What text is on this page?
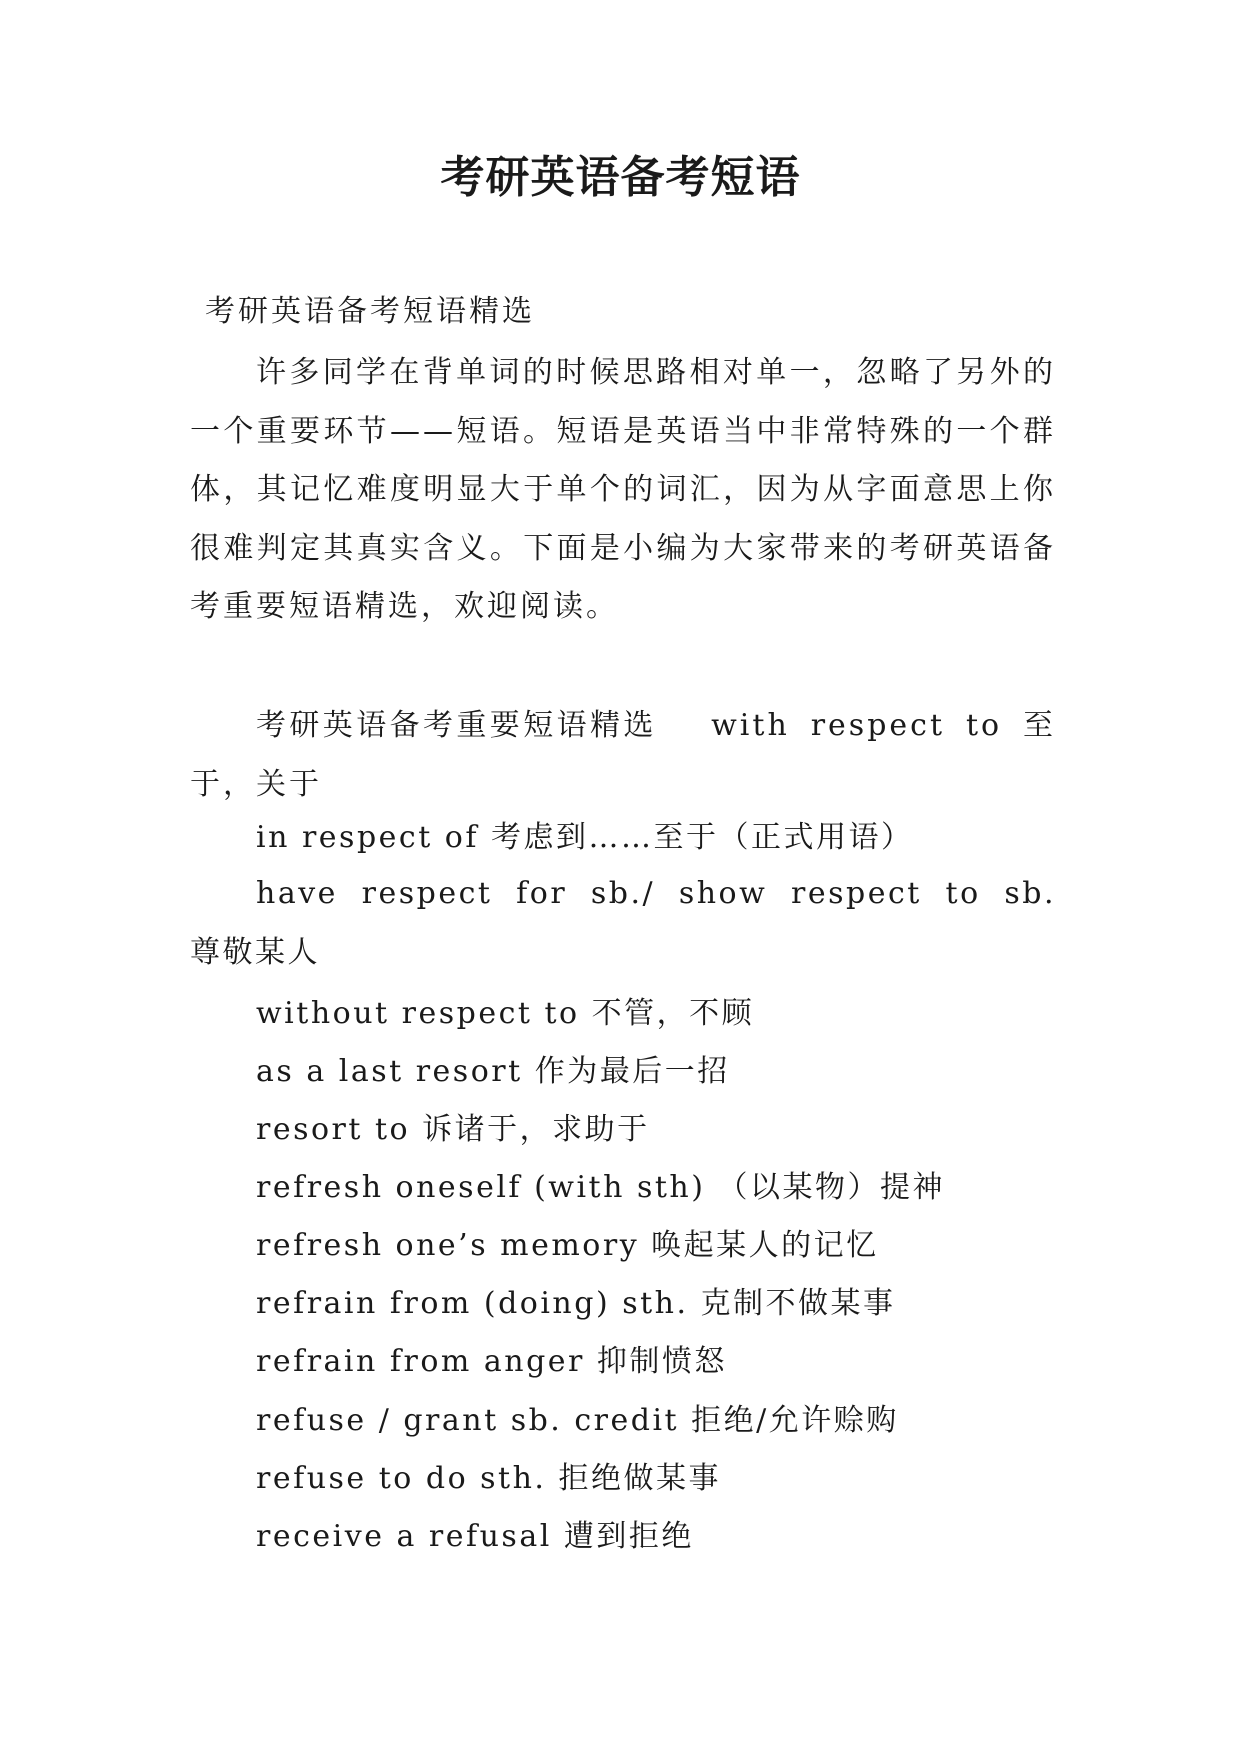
考研英语备考短语
考研英语备考短语精选
许多同学在背单词的时候思路相对单一，忽略了另外的一个重要环节——短语。短语是英语当中非常特殊的一个群体，其记忆难度明显大于单个的词汇，因为从字面意思上你很难判定其真实含义。下面是小编为大家带来的考研英语备考重要短语精选，欢迎阅读。
考研英语备考重要短语精选　 with respect to 至于，关于
in respect of 考虑到……至于（正式用语）
have respect for sb./ show respect to sb. 尊敬某人
without respect to 不管，不顾
as a last resort 作为最后一招
resort to 诉诸于，求助于
refresh oneself (with sth) （以某物）提神
refresh one’s memory 唤起某人的记忆
refrain from (doing) sth. 克制不做某事
refrain from anger 抑制愤怒
refuse / grant sb. credit 拒绝/允许赊购
refuse to do sth. 拒绝做某事
receive a refusal 遭到拒绝
